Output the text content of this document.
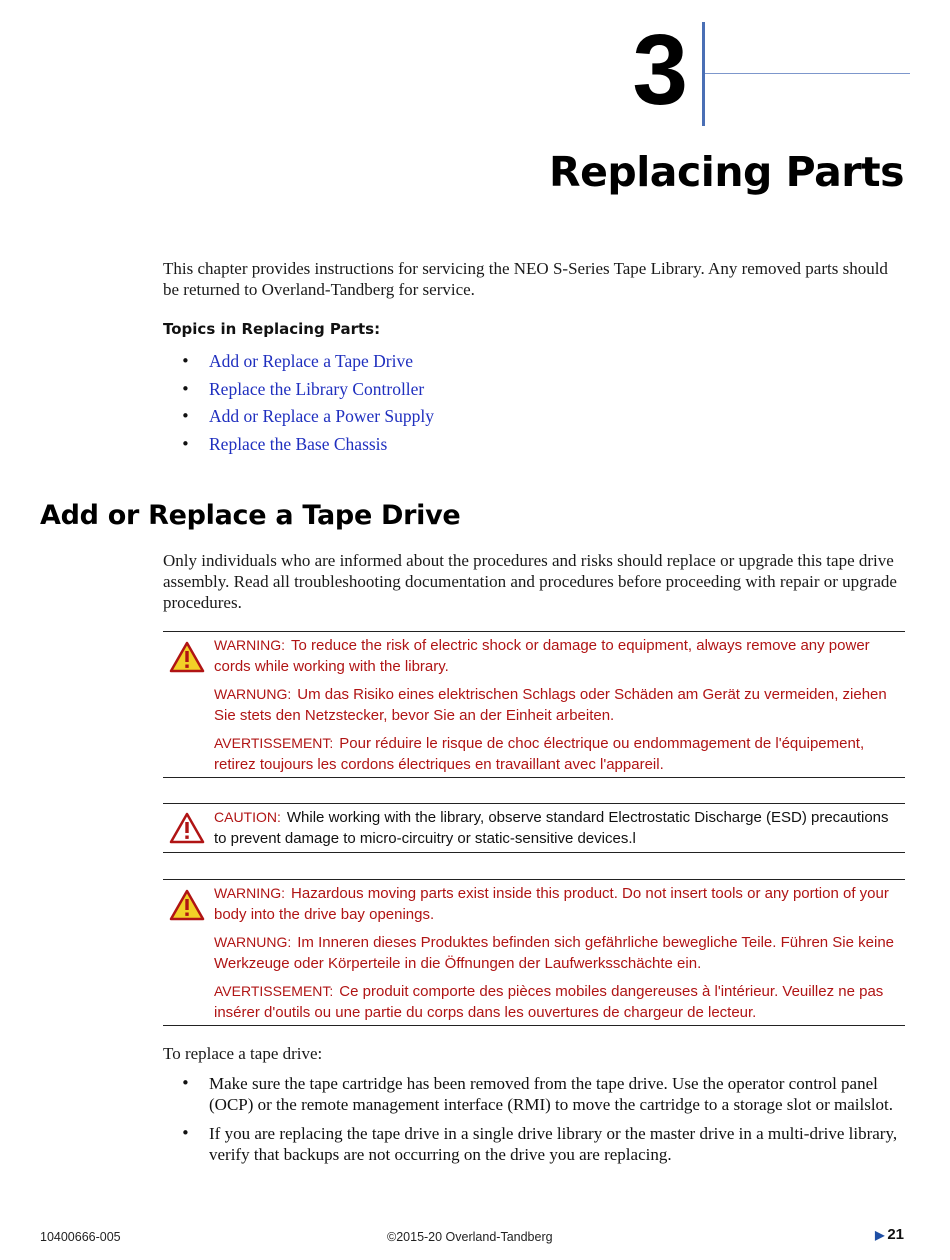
3
Replacing Parts
This chapter provides instructions for servicing the NEO S-Series Tape Library. Any removed parts should be returned to Overland-Tandberg for service.
Topics in Replacing Parts:
• Add or Replace a Tape Drive
• Replace the Library Controller
• Add or Replace a Power Supply
• Replace the Base Chassis
Add or Replace a Tape Drive
Only individuals who are informed about the procedures and risks should replace or upgrade this tape drive assembly. Read all troubleshooting documentation and procedures before proceeding with repair or upgrade procedures.

WARNING: To reduce the risk of electric shock or damage to equipment, always remove any power cords while working with the library.

WARNUNG: Um das Risiko eines elektrischen Schlags oder Schäden am Gerät zu vermeiden, ziehen Sie stets den Netzstecker, bevor Sie an der Einheit arbeiten.

AVERTISSEMENT: Pour réduire le risque de choc électrique ou endommagement de l'équipement, retirez toujours les cordons électriques en travaillant avec l'appareil.

CAUTION: While working with the library, observe standard Electrostatic Discharge (ESD) precautions to prevent damage to micro-circuitry or static-sensitive devices.l

WARNING: Hazardous moving parts exist inside this product. Do not insert tools or any portion of your body into the drive bay openings.

WARNUNG: Im Inneren dieses Produktes befinden sich gefährliche bewegliche Teile. Führen Sie keine Werkzeuge oder Körperteile in die Öffnungen der Laufwerksschächte ein.

AVERTISSEMENT: Ce produit comporte des pièces mobiles dangereuses à l'intérieur. Veuillez ne pas insérer d'outils ou une partie du corps dans les ouvertures de chargeur de lecteur.

To replace a tape drive:
• Make sure the tape cartridge has been removed from the tape drive. Use the operator control panel (OCP) or the remote management interface (RMI) to move the cartridge to a storage slot or mailslot.
• If you are replacing the tape drive in a single drive library or the master drive in a multi-drive library, verify that backups are not occurring on the drive you are replacing.
10400666-005	©2015-20 Overland-Tandberg	▶ 21
